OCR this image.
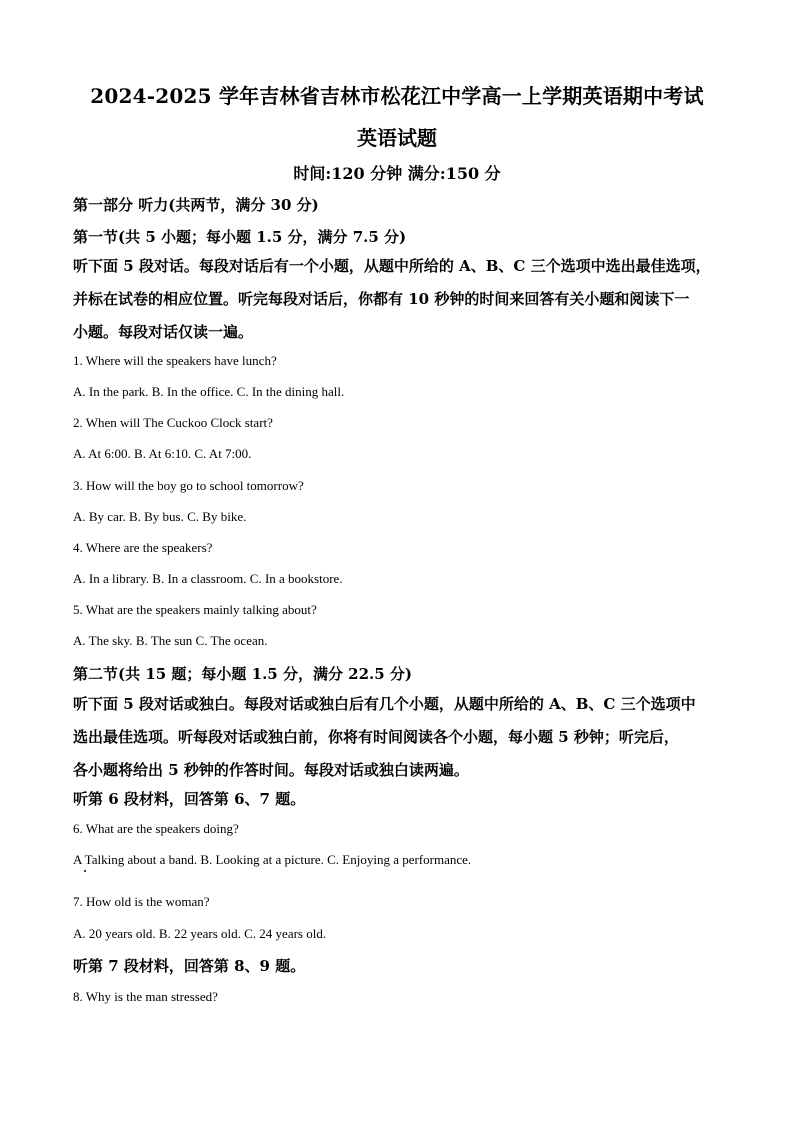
2024-2025 学年吉林省吉林市松花江中学高一上学期英语期中考试
英语试题
时间:120 分钟 满分:150 分
第一部分 听力(共两节，满分 30 分)
第一节(共 5 小题；每小题 1.5 分，满分 7.5 分)
听下面 5 段对话。每段对话后有一个小题，从题中所给的 A、B、C 三个选项中选出最佳选项，
并标在试卷的相应位置。听完每段对话后，你都有 10 秒钟的时间来回答有关小题和阅读下一
小题。每段对话仅读一遍。
1. Where will the speakers have lunch?
A. In the park. B. In the office. C. In the dining hall.
2. When will The Cuckoo Clock start?
A. At 6:00. B. At 6:10. C. At 7:00.
3. How will the boy go to school tomorrow?
A. By car. B. By bus. C. By bike.
4. Where are the speakers?
A. In a library. B. In a classroom. C. In a bookstore.
5. What are the speakers mainly talking about?
A. The sky. B. The sun C. The ocean.
第二节(共 15 题；每小题 1.5 分，满分 22.5 分)
听下面 5 段对话或独白。每段对话或独白后有几个小题，从题中所给的 A、B、C 三个选项中
选出最佳选项。听每段对话或独白前，你将有时间阅读各个小题，每小题 5 秒钟；听完后，
各小题将给出 5 秒钟的作答时间。每段对话或独白读两遍。
听第 6 段材料，回答第 6、7 题。
6. What are the speakers doing?
A Talking about a band. B. Looking at a picture. C. Enjoying a performance.
7. How old is the woman?
A. 20 years old. B. 22 years old. C. 24 years old.
听第 7 段材料，回答第 8、9 题。
8. Why is the man stressed?
